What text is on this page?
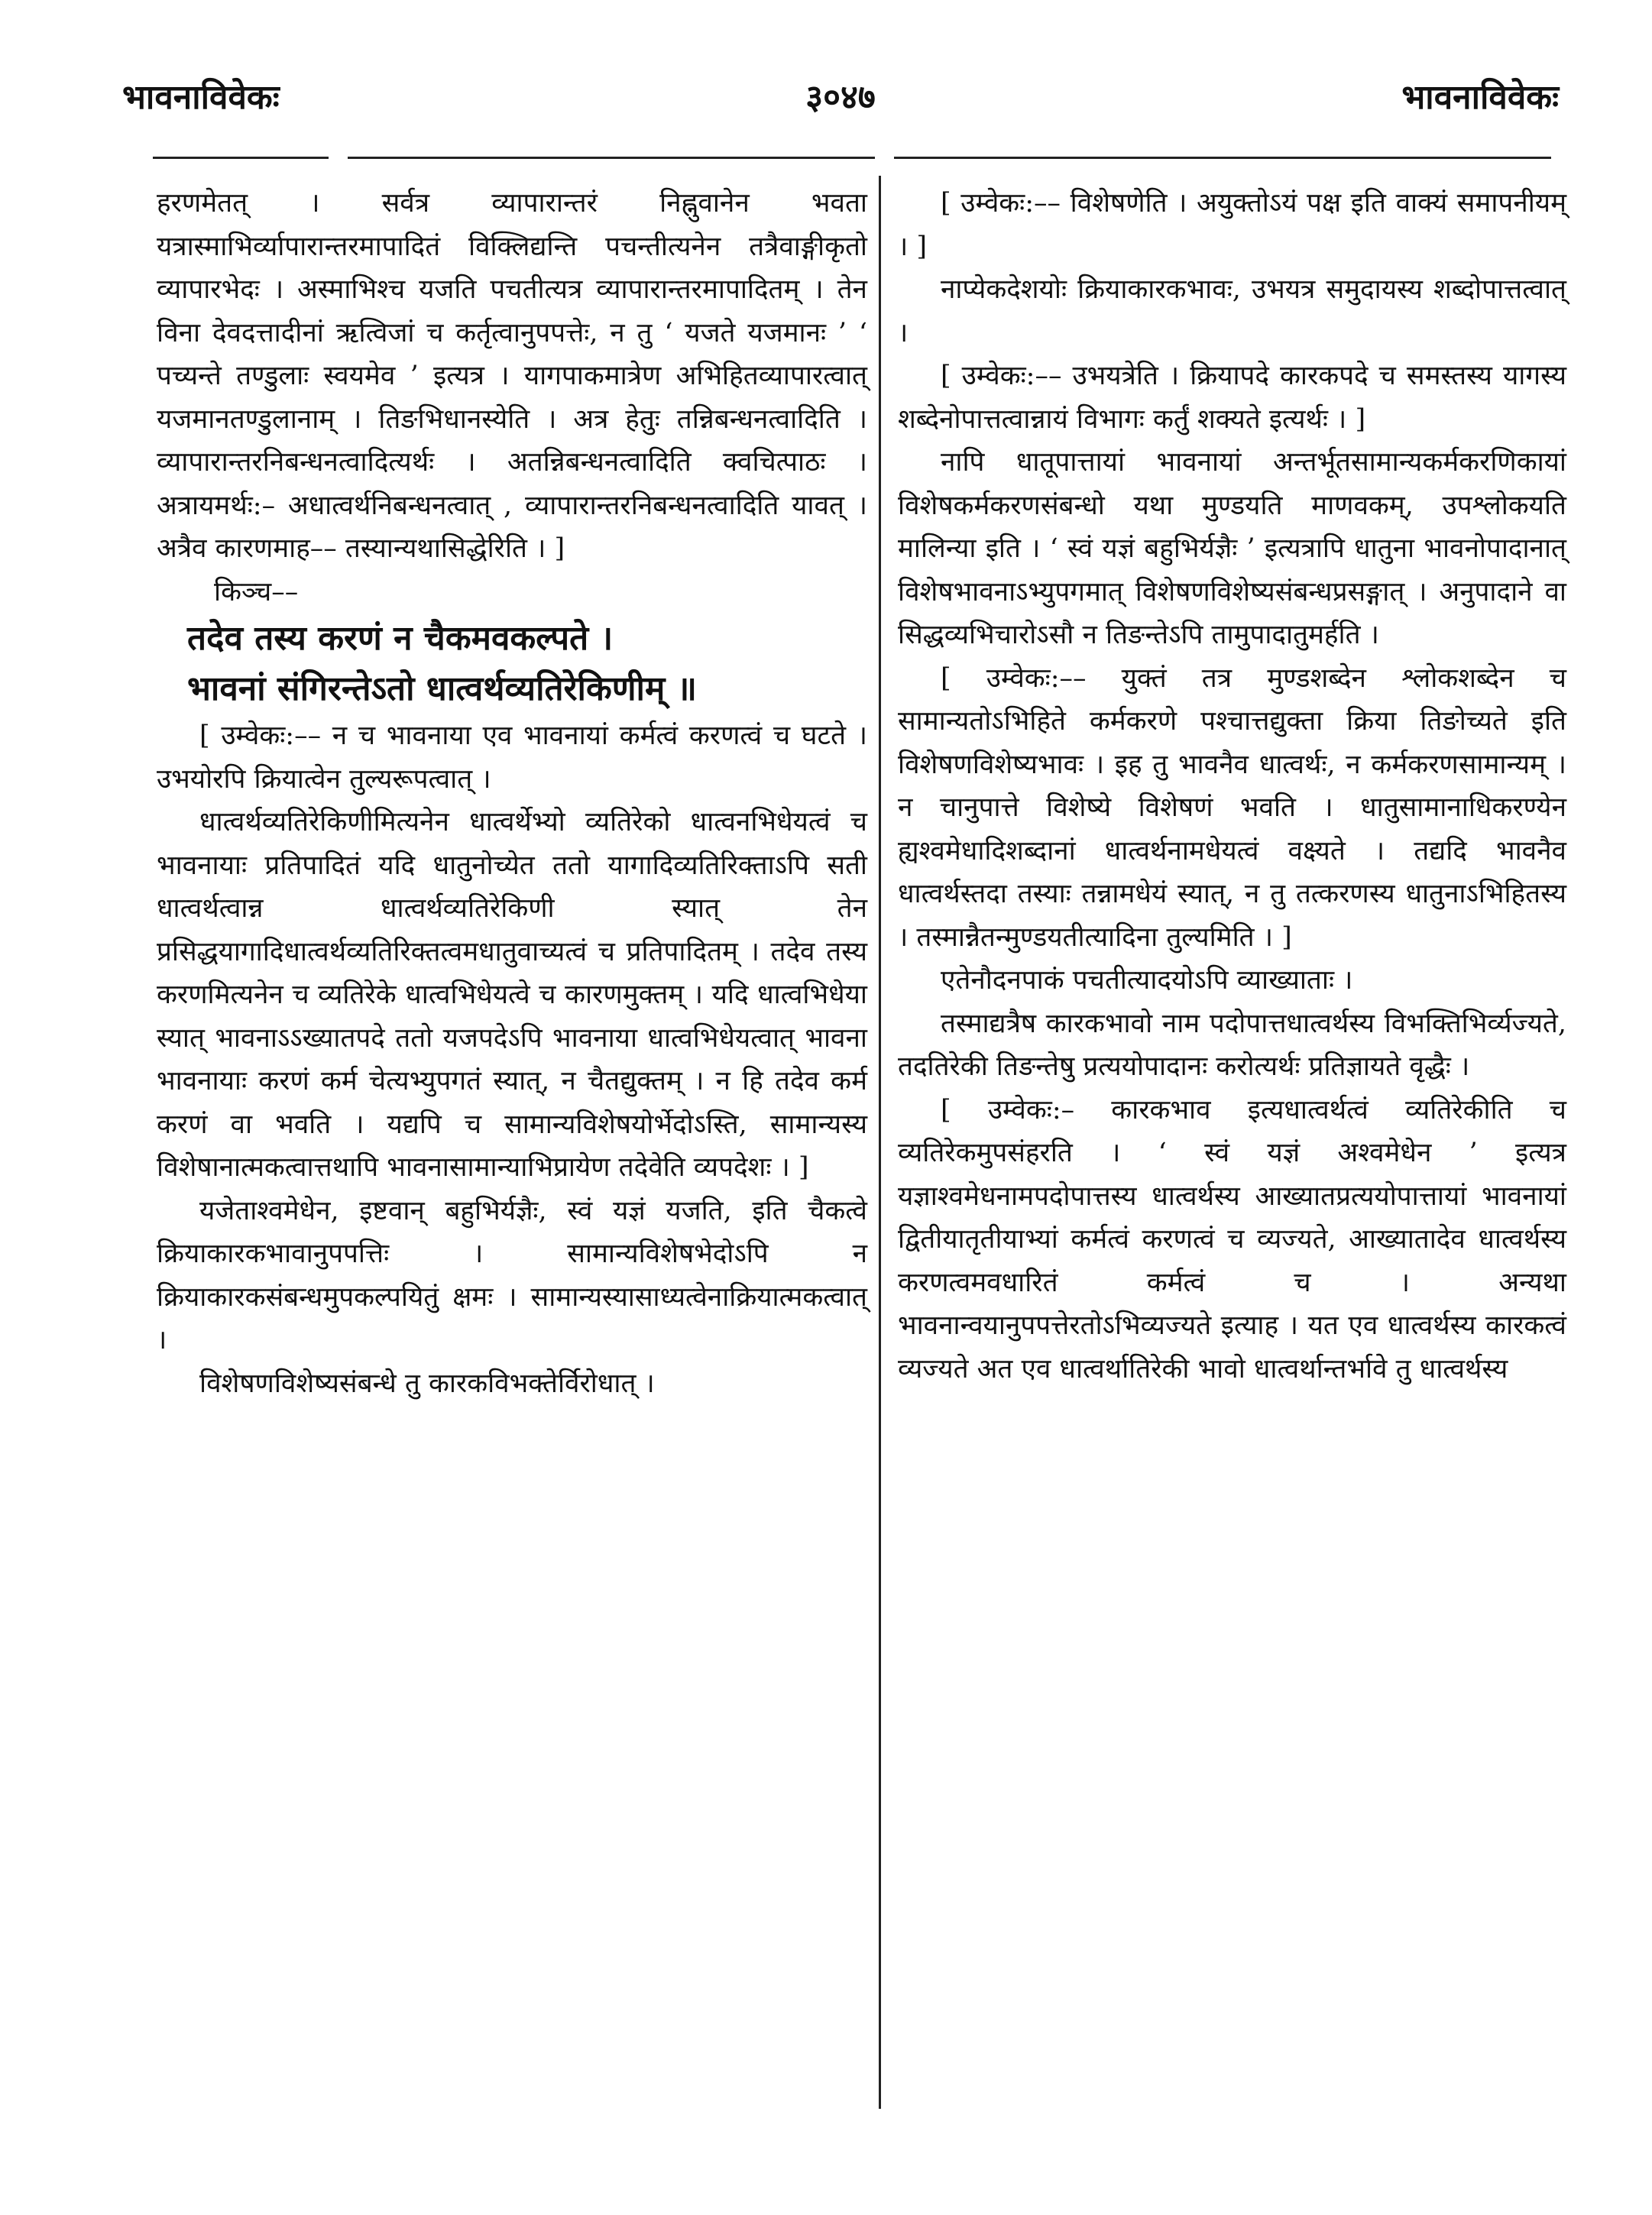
३०४७
भावनाविवेकः	भावनाविवेकः

हरणमेतत् । सर्वत्र व्यापारान्तरं निह्नुवानेन भवता यत्रास्माभिर्व्यापारान्तरमापादितं विक्लिद्यन्ति पचन्तीत्यनेन तत्रैवाङ्गीकृतो व्यापारभेदः । अस्माभिश्च यजति पचतीत्यत्र व्यापारान्तरमापादितम् । तेन विना देवदत्तादीनां ऋत्विजां च कर्तृत्वानुपपत्तेः, न तु ‘ यजते यजमानः ’ ‘ पच्यन्ते तण्डुलाः स्वयमेव ’ इत्यत्र । यागपाकमात्रेण अभिहितव्यापारत्वात् यजमानतण्डुलानाम् । तिङभिधानस्येति । अत्र हेतुः तन्निबन्धनत्वादिति । व्यापारान्तरनिबन्धनत्वादित्यर्थः । अतन्निबन्धनत्वादिति क्वचित्पाठः । अत्रायमर्थः:– अधात्वर्थनिबन्धनत्वात् , व्यापारान्तरनिबन्धनत्वादिति यावत् । अत्रैव कारणमाह–– तस्यान्यथासिद्धेरिति । ]

किञ्च––

तदेव तस्य करणं न चैकमवकल्पते ।

भावनां संगिरन्तेऽतो धात्वर्थव्यतिरेकिणीम् ॥

[ उम्वेकः:–– न च भावनाया एव भावनायां कर्मत्वं करणत्वं च घटते । उभयोरपि क्रियात्वेन तुल्यरूपत्वात् ।

धात्वर्थव्यतिरेकिणीमित्यनेन धात्वर्थेभ्यो व्यतिरेको धात्वनभिधेयत्वं च भावनायाः प्रतिपादितं यदि धातुनोच्येत ततो यागादिव्यतिरिक्ताऽपि सती धात्वर्थत्वान्न धात्वर्थव्यतिरेकिणी स्यात् तेन प्रसिद्धयागादिधात्वर्थव्यतिरिक्तत्वमधातुवाच्यत्वं च प्रतिपादितम् । तदेव तस्य करणमित्यनेन च व्यतिरेके धात्वभिधेयत्वे च कारणमुक्तम् । यदि धात्वभिधेया स्यात् भावनाऽऽख्यातपदे ततो यजपदेऽपि भावनाया धात्वभिधेयत्वात् भावना भावनायाः करणं कर्म चेत्यभ्युपगतं स्यात्, न चैतद्युक्तम् । न हि तदेव कर्म करणं वा भवति । यद्यपि च सामान्यविशेषयोर्भेदोऽस्ति, सामान्यस्य विशेषानात्मकत्वात्तथापि भावनासामान्याभिप्रायेण तदेवेति व्यपदेशः । ]

यजेताश्वमेधेन, इष्टवान् बहुभिर्यज्ञैः, स्वं यज्ञं यजति, इति चैकत्वे क्रियाकारकभावानुपपत्तिः । सामान्यविशेषभेदोऽपि न क्रियाकारकसंबन्धमुपकल्पयितुं क्षमः । सामान्यस्यासाध्यत्वेनाक्रियात्मकत्वात् ।

विशेषणविशेष्यसंबन्धे तु कारकविभक्तेर्विरोधात् ।

[ उम्वेकः:–– विशेषणेति । अयुक्तोऽयं पक्ष इति वाक्यं समापनीयम् । ]

नाप्येकदेशयोः क्रियाकारकभावः, उभयत्र समुदायस्य शब्दोपात्तत्वात् ।

[ उम्वेकः:–– उभयत्रेति । क्रियापदे कारकपदे च समस्तस्य यागस्य शब्देनोपात्तत्वान्नायं विभागः कर्तुं शक्यते इत्यर्थः । ]

नापि धातूपात्तायां भावनायां अन्तर्भूतसामान्यकर्मकरणिकायां विशेषकर्मकरणसंबन्धो यथा मुण्डयति माणवकम्, उपश्लोकयति मालिन्या इति । ‘ स्वं यज्ञं बहुभिर्यज्ञैः ’ इत्यत्रापि धातुना भावनोपादानात् विशेषभावनाऽभ्युपगमात् विशेषणविशेष्यसंबन्धप्रसङ्गात् । अनुपादाने वा सिद्धव्यभिचारोऽसौ न तिङन्तेऽपि तामुपादातुमर्हति ।

[ उम्वेकः:–– युक्तं तत्र मुण्डशब्देन श्लोकशब्देन च सामान्यतोऽभिहिते कर्मकरणे पश्चात्तद्युक्ता क्रिया तिङोच्यते इति विशेषणविशेष्यभावः । इह तु भावनैव धात्वर्थः, न कर्मकरणसामान्यम् । न चानुपात्ते विशेष्ये विशेषणं भवति । धातुसामानाधिकरण्येन ह्यश्वमेधादिशब्दानां धात्वर्थनामधेयत्वं वक्ष्यते । तद्यदि भावनैव धात्वर्थस्तदा तस्याः तन्नामधेयं स्यात्, न तु तत्करणस्य धातुनाऽभिहितस्य । तस्मान्नैतन्मुण्डयतीत्यादिना तुल्यमिति । ]

एतेनौदनपाकं पचतीत्यादयोऽपि व्याख्याताः ।

तस्माद्यत्रैष कारकभावो नाम पदोपात्तधात्वर्थस्य विभक्तिभिर्व्यज्यते, तदतिरेकी तिङन्तेषु प्रत्ययोपादानः करोत्यर्थः प्रतिज्ञायते वृद्धैः ।

[ उम्वेकः:– कारकभाव इत्यधात्वर्थत्वं व्यतिरेकीति च व्यतिरेकमुपसंहरति । ‘ स्वं यज्ञं अश्वमेधेन ’ इत्यत्र यज्ञाश्वमेधनामपदोपात्तस्य धात्वर्थस्य आख्यातप्रत्ययोपात्तायां भावनायां द्वितीयातृतीयाभ्यां कर्मत्वं करणत्वं च व्यज्यते, आख्यातादेव धात्वर्थस्य करणत्वमवधारितं कर्मत्वं च । अन्यथा भावनान्वयानुपपत्तेरतोऽभिव्यज्यते इत्याह । यत एव धात्वर्थस्य कारकत्वं व्यज्यते अत एव धात्वर्थातिरेकी भावो धात्वर्थान्तर्भावे तु धात्वर्थस्य
